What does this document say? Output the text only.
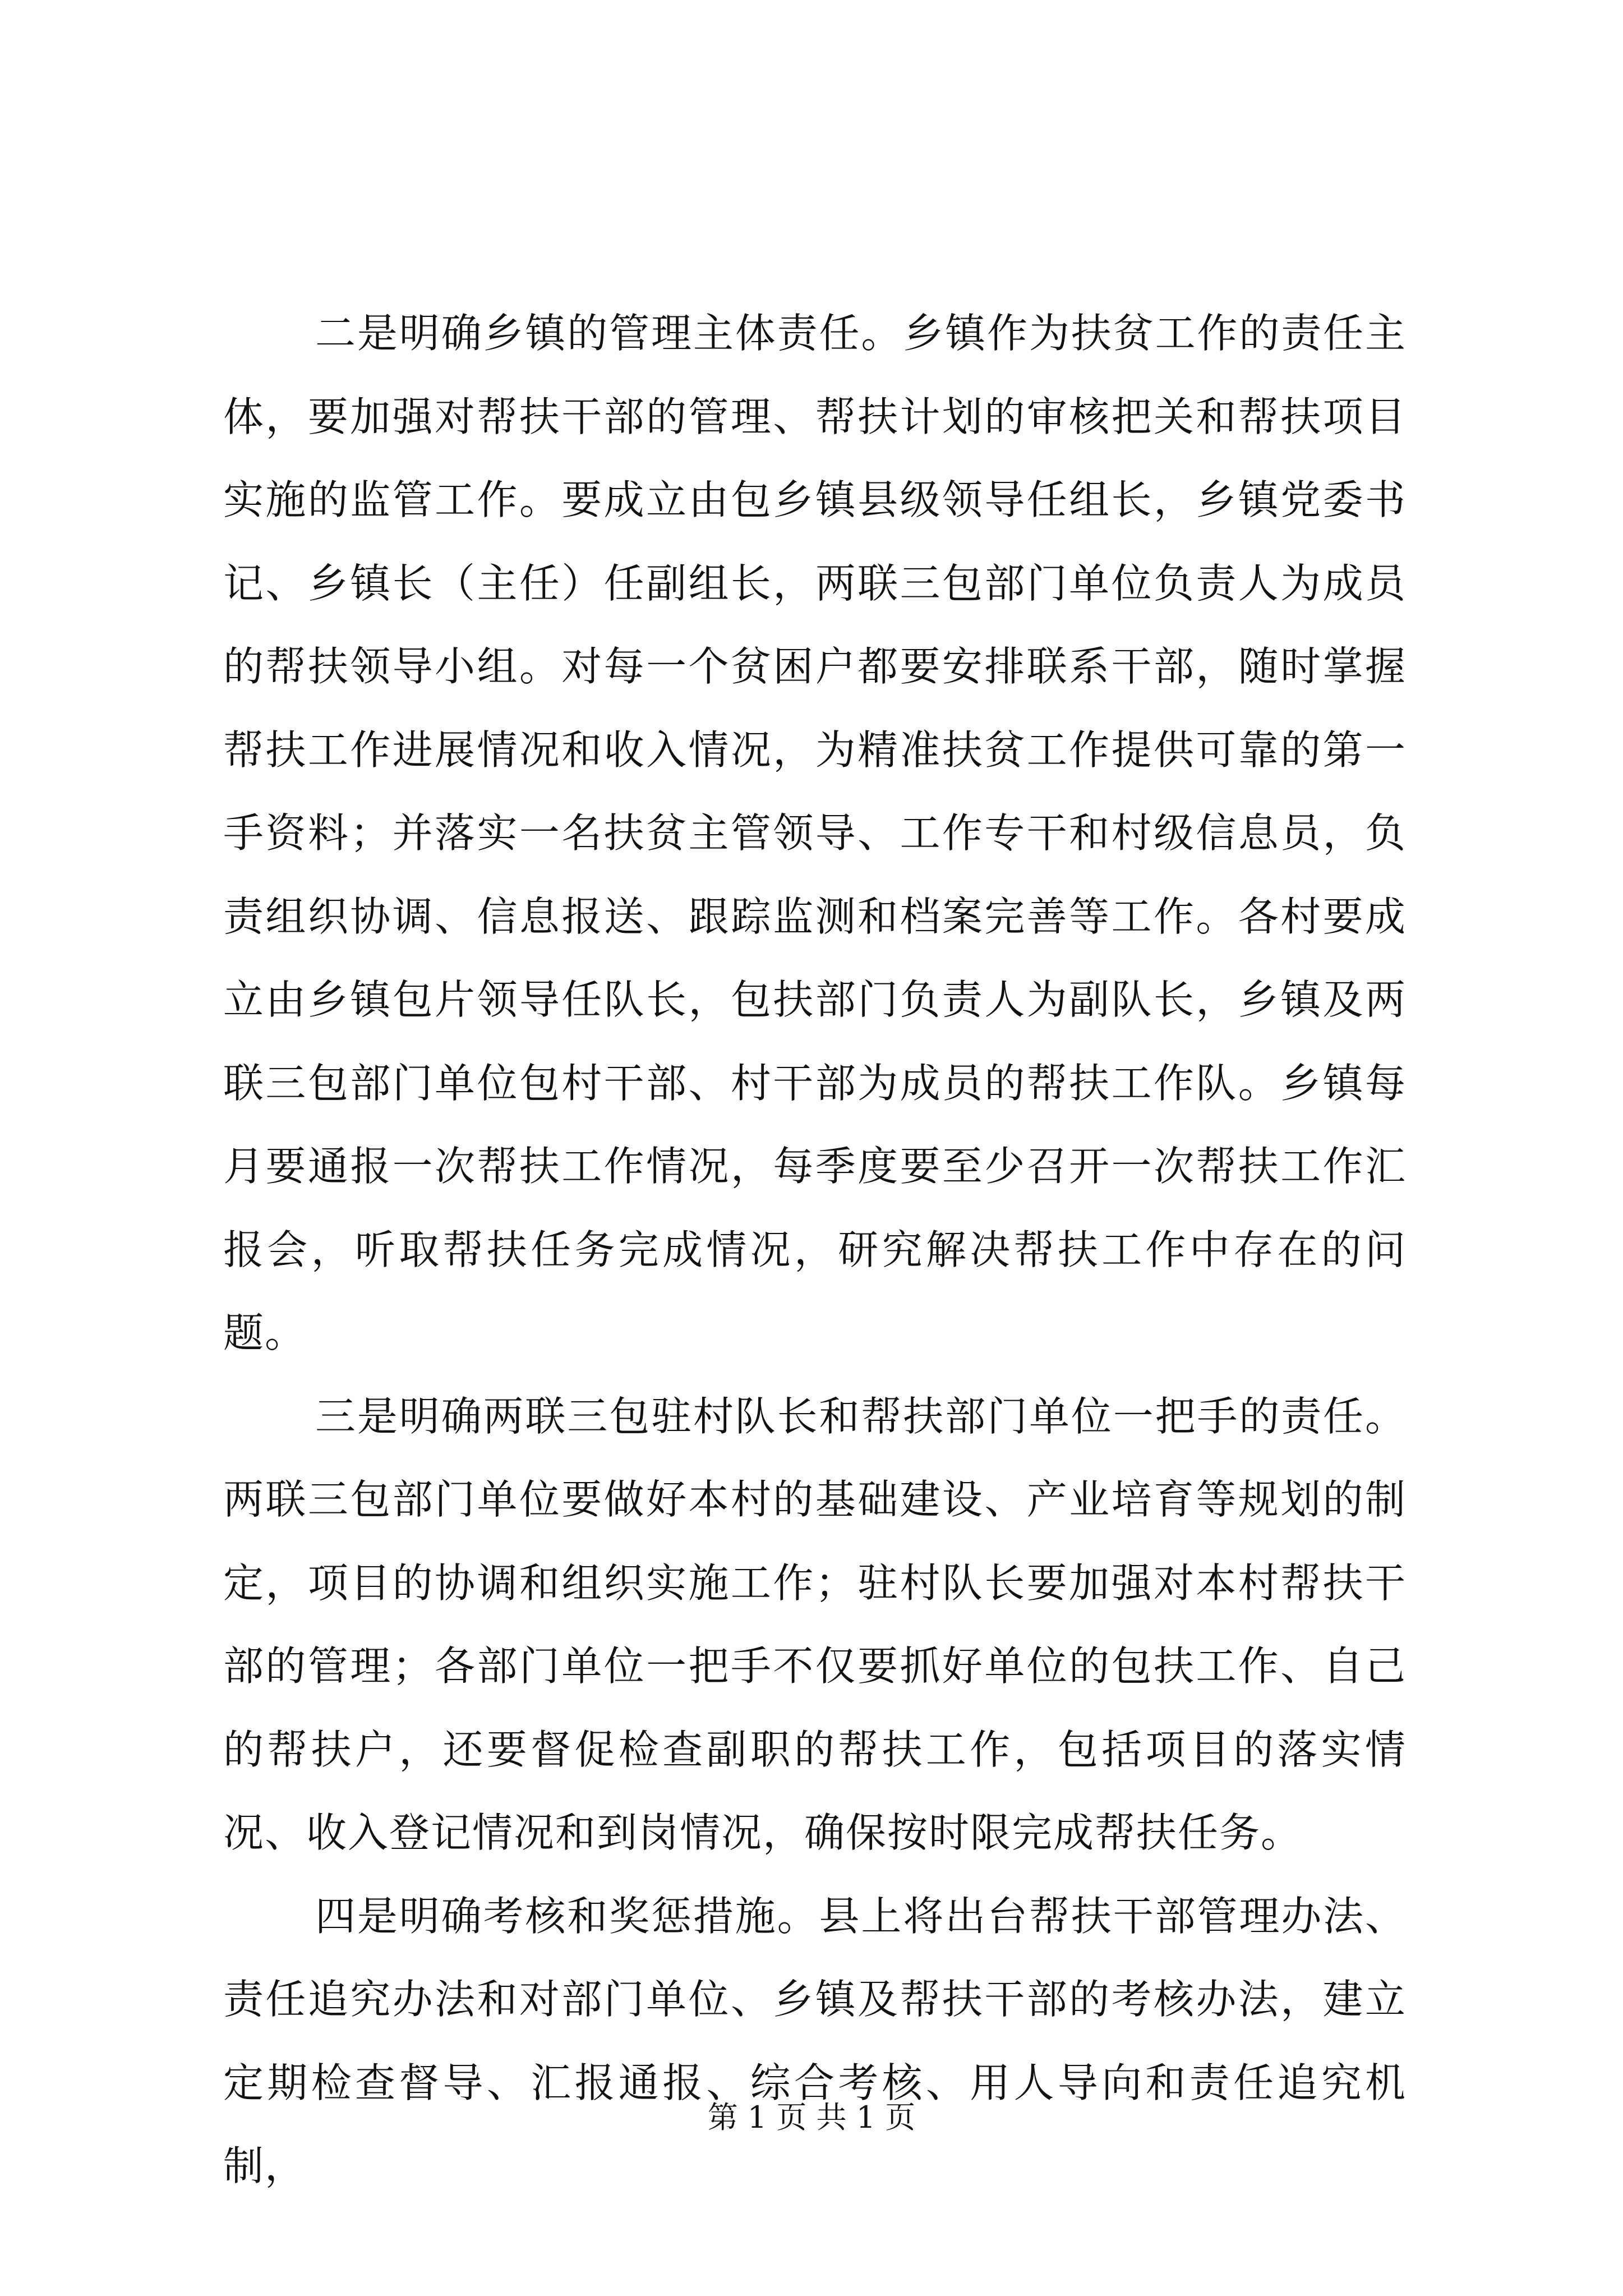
二是明确乡镇的管理主体责任。乡镇作为扶贫工作的责任主体，要加强对帮扶干部的管理、帮扶计划的审核把关和帮扶项目实施的监管工作。要成立由包乡镇县级领导任组长，乡镇党委书记、乡镇长（主任）任副组长，两联三包部门单位负责人为成员的帮扶领导小组。对每一个贫困户都要安排联系干部，随时掌握帮扶工作进展情况和收入情况，为精准扶贫工作提供可靠的第一手资料；并落实一名扶贫主管领导、工作专干和村级信息员，负责组织协调、信息报送、跟踪监测和档案完善等工作。各村要成立由乡镇包片领导任队长，包扶部门负责人为副队长，乡镇及两联三包部门单位包村干部、村干部为成员的帮扶工作队。乡镇每月要通报一次帮扶工作情况，每季度要至少召开一次帮扶工作汇报会，听取帮扶任务完成情况，研究解决帮扶工作中存在的问题。

三是明确两联三包驻村队长和帮扶部门单位一把手的责任。两联三包部门单位要做好本村的基础建设、产业培育等规划的制定，项目的协调和组织实施工作；驻村队长要加强对本村帮扶干部的管理；各部门单位一把手不仅要抓好单位的包扶工作、自己的帮扶户，还要督促检查副职的帮扶工作，包括项目的落实情况、收入登记情况和到岗情况，确保按时限完成帮扶任务。

四是明确考核和奖惩措施。县上将出台帮扶干部管理办法、责任追究办法和对部门单位、乡镇及帮扶干部的考核办法，建立定期检查督导、汇报通报、综合考核、用人导向和责任追究机制，

第 1 页 共 1 页
